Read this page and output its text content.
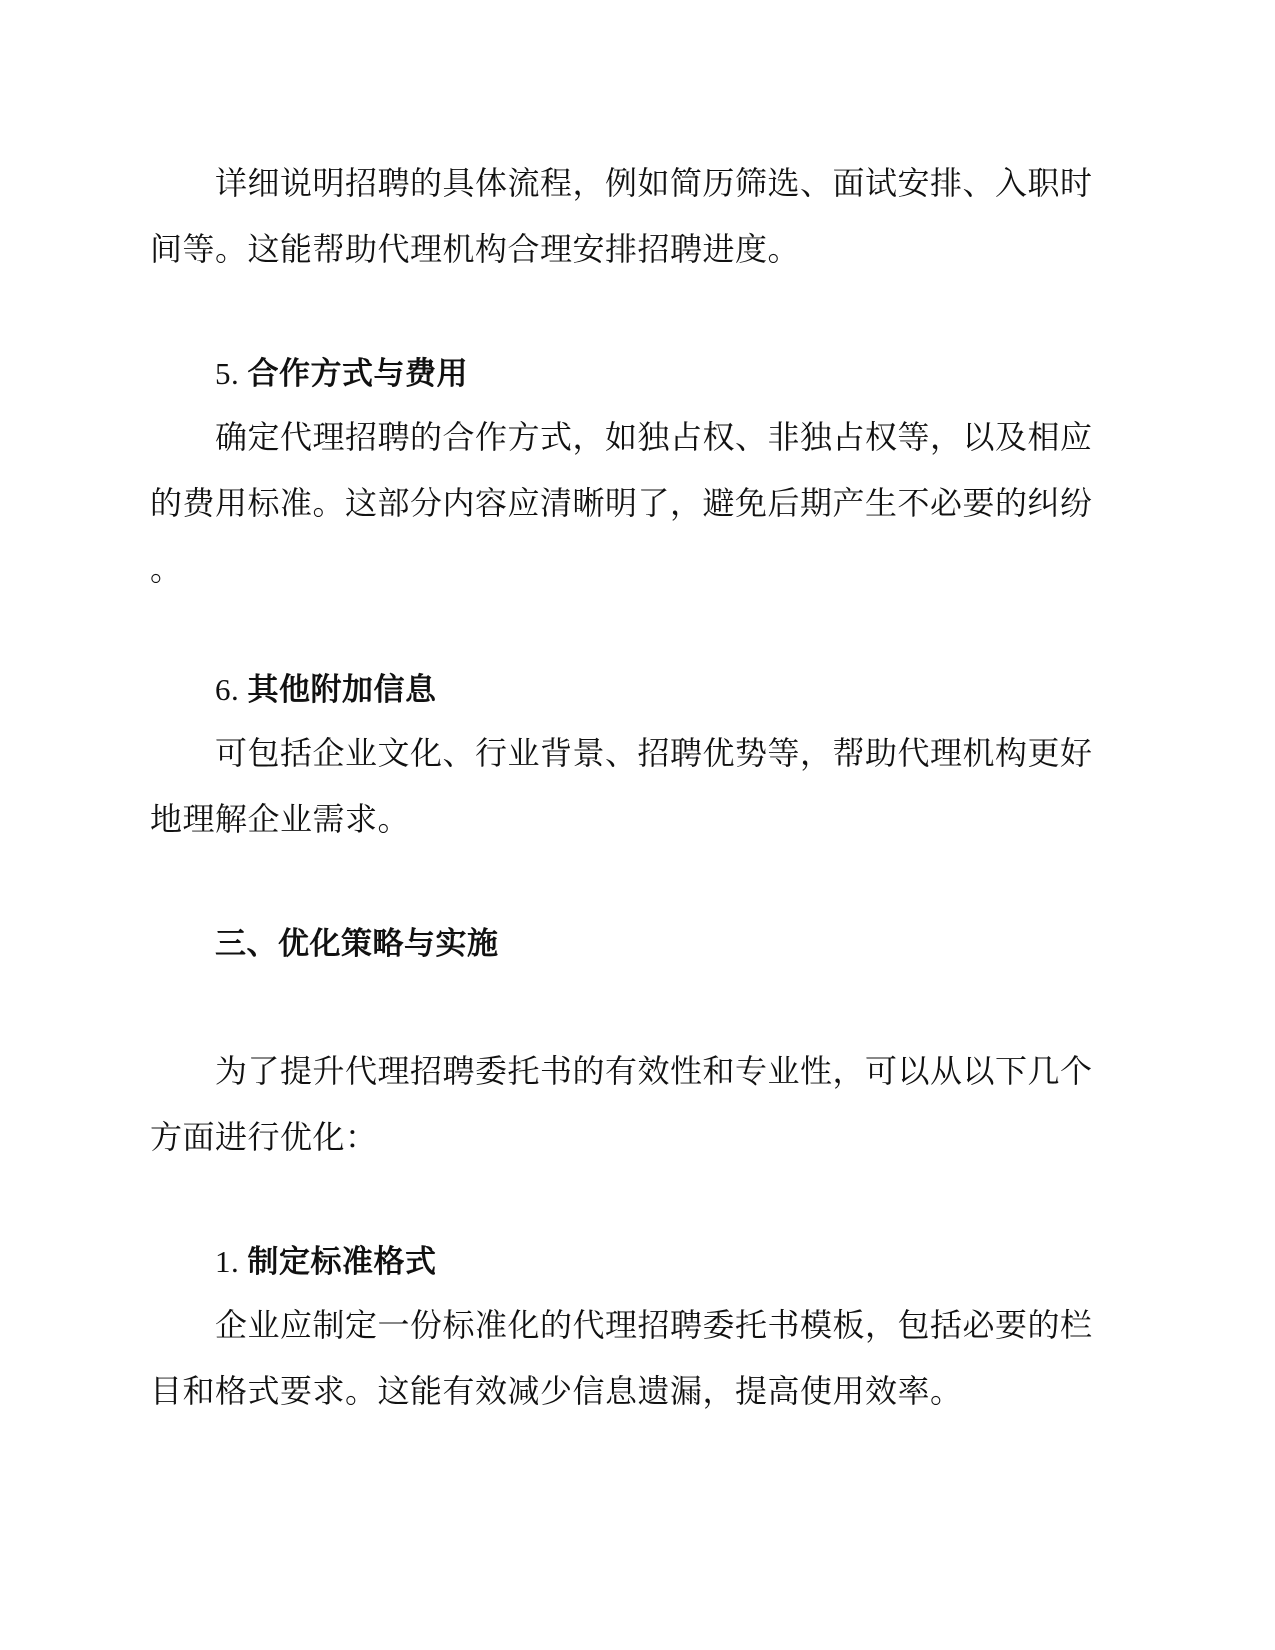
详细说明招聘的具体流程，例如简历筛选、面试安排、入职时
间等。这能帮助代理机构合理安排招聘进度。

5. 合作方式与费用

确定代理招聘的合作方式，如独占权、非独占权等，以及相应
的费用标准。这部分内容应清晰明了，避免后期产生不必要的纠纷
。

6. 其他附加信息

可包括企业文化、行业背景、招聘优势等，帮助代理机构更好
地理解企业需求。

三、优化策略与实施

为了提升代理招聘委托书的有效性和专业性，可以从以下几个
方面进行优化：

1. 制定标准格式

企业应制定一份标准化的代理招聘委托书模板，包括必要的栏
目和格式要求。这能有效减少信息遗漏，提高使用效率。
